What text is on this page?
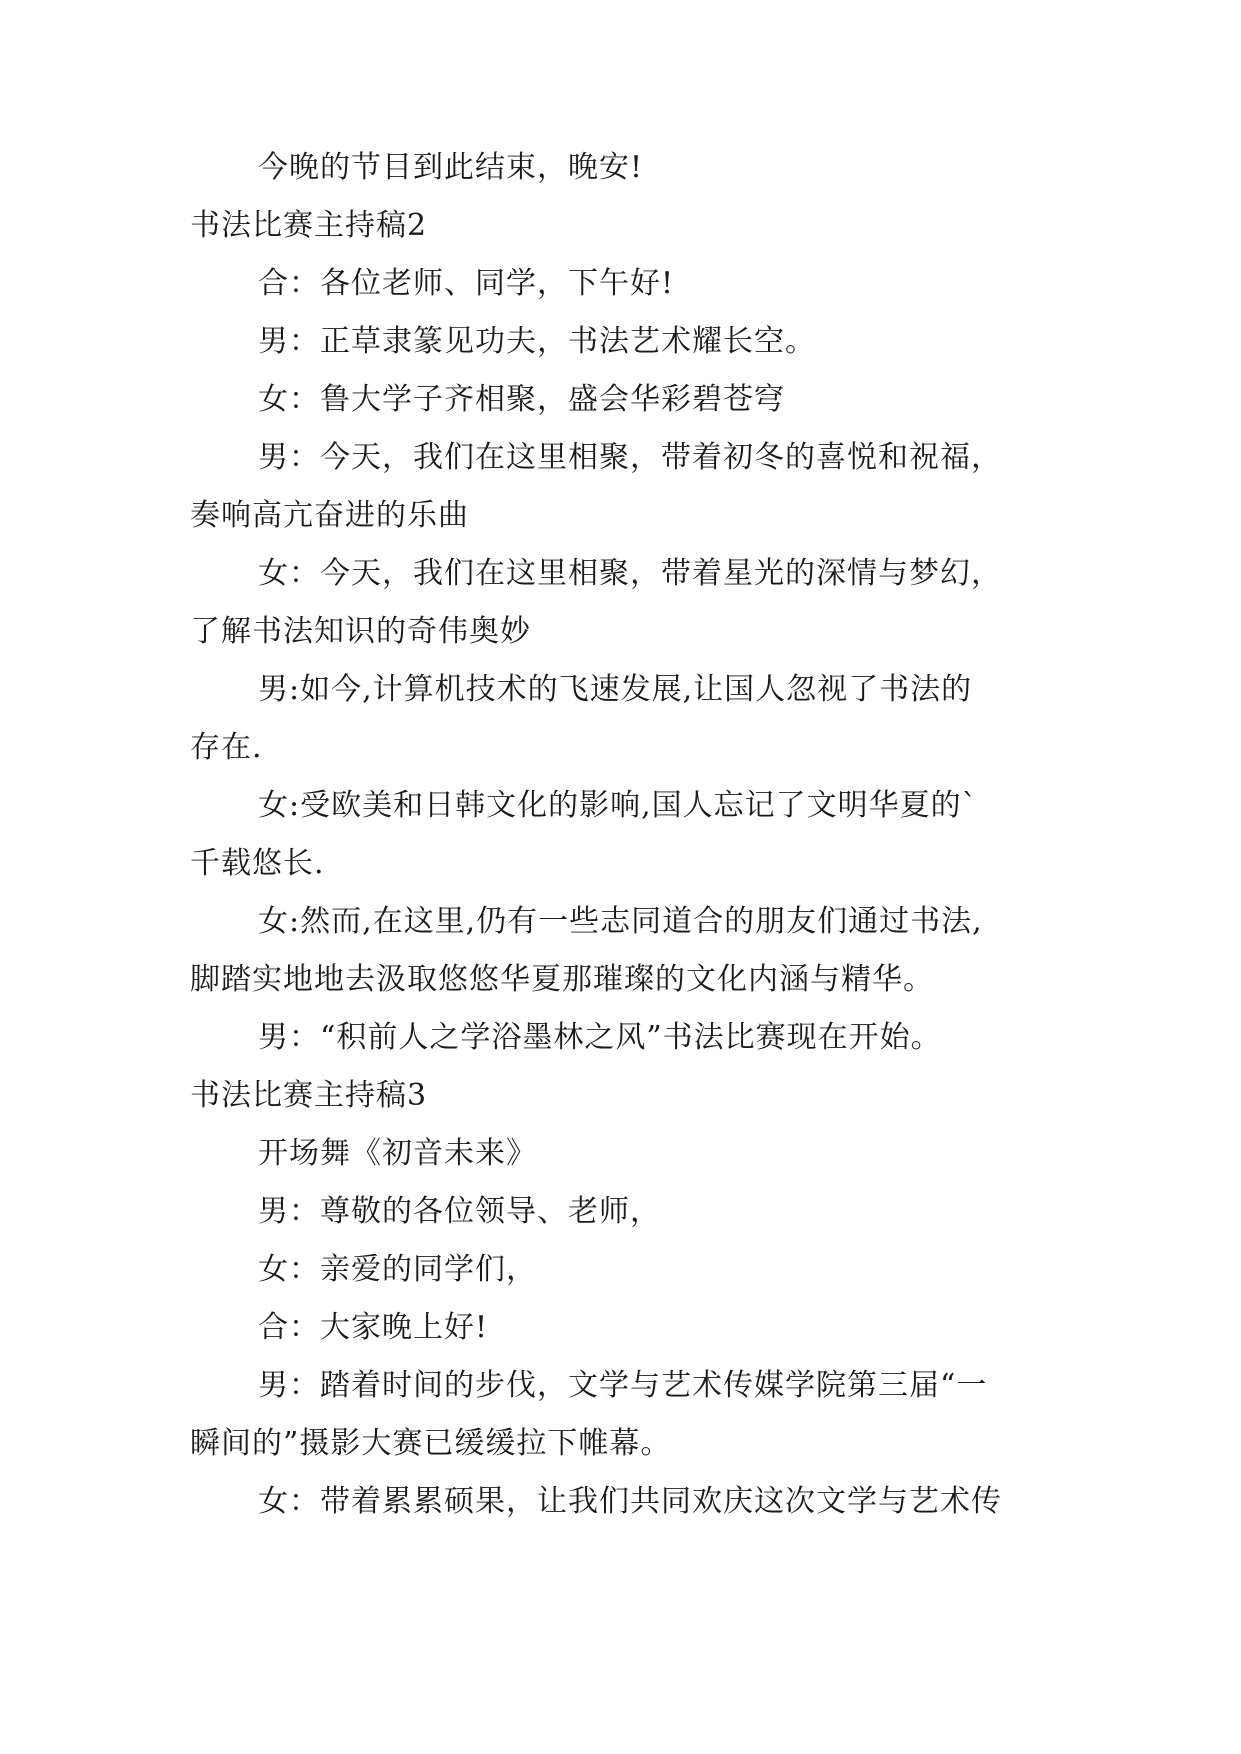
今晚的节目到此结束，晚安!
书法比赛主持稿2
合：各位老师、同学，下午好!
男：正草隶篆见功夫，书法艺术耀长空。
女：鲁大学子齐相聚，盛会华彩碧苍穹
男：今天，我们在这里相聚，带着初冬的喜悦和祝福，
奏响高亢奋进的乐曲
女：今天，我们在这里相聚，带着星光的深情与梦幻，
了解书法知识的奇伟奥妙
男:如今,计算机技术的飞速发展,让国人忽视了书法的
存在.
女:受欧美和日韩文化的影响,国人忘记了文明华夏的`
千载悠长.
女:然而,在这里,仍有一些志同道合的朋友们通过书法,
脚踏实地地去汲取悠悠华夏那璀璨的文化内涵与精华。
男：“积前人之学浴墨林之风”书法比赛现在开始。
书法比赛主持稿3
开场舞《初音未来》
男：尊敬的各位领导、老师，
女：亲爱的同学们，
合：大家晚上好!
男：踏着时间的步伐，文学与艺术传媒学院第三届“一
瞬间的”摄影大赛已缓缓拉下帷幕。
女：带着累累硕果，让我们共同欢庆这次文学与艺术传
